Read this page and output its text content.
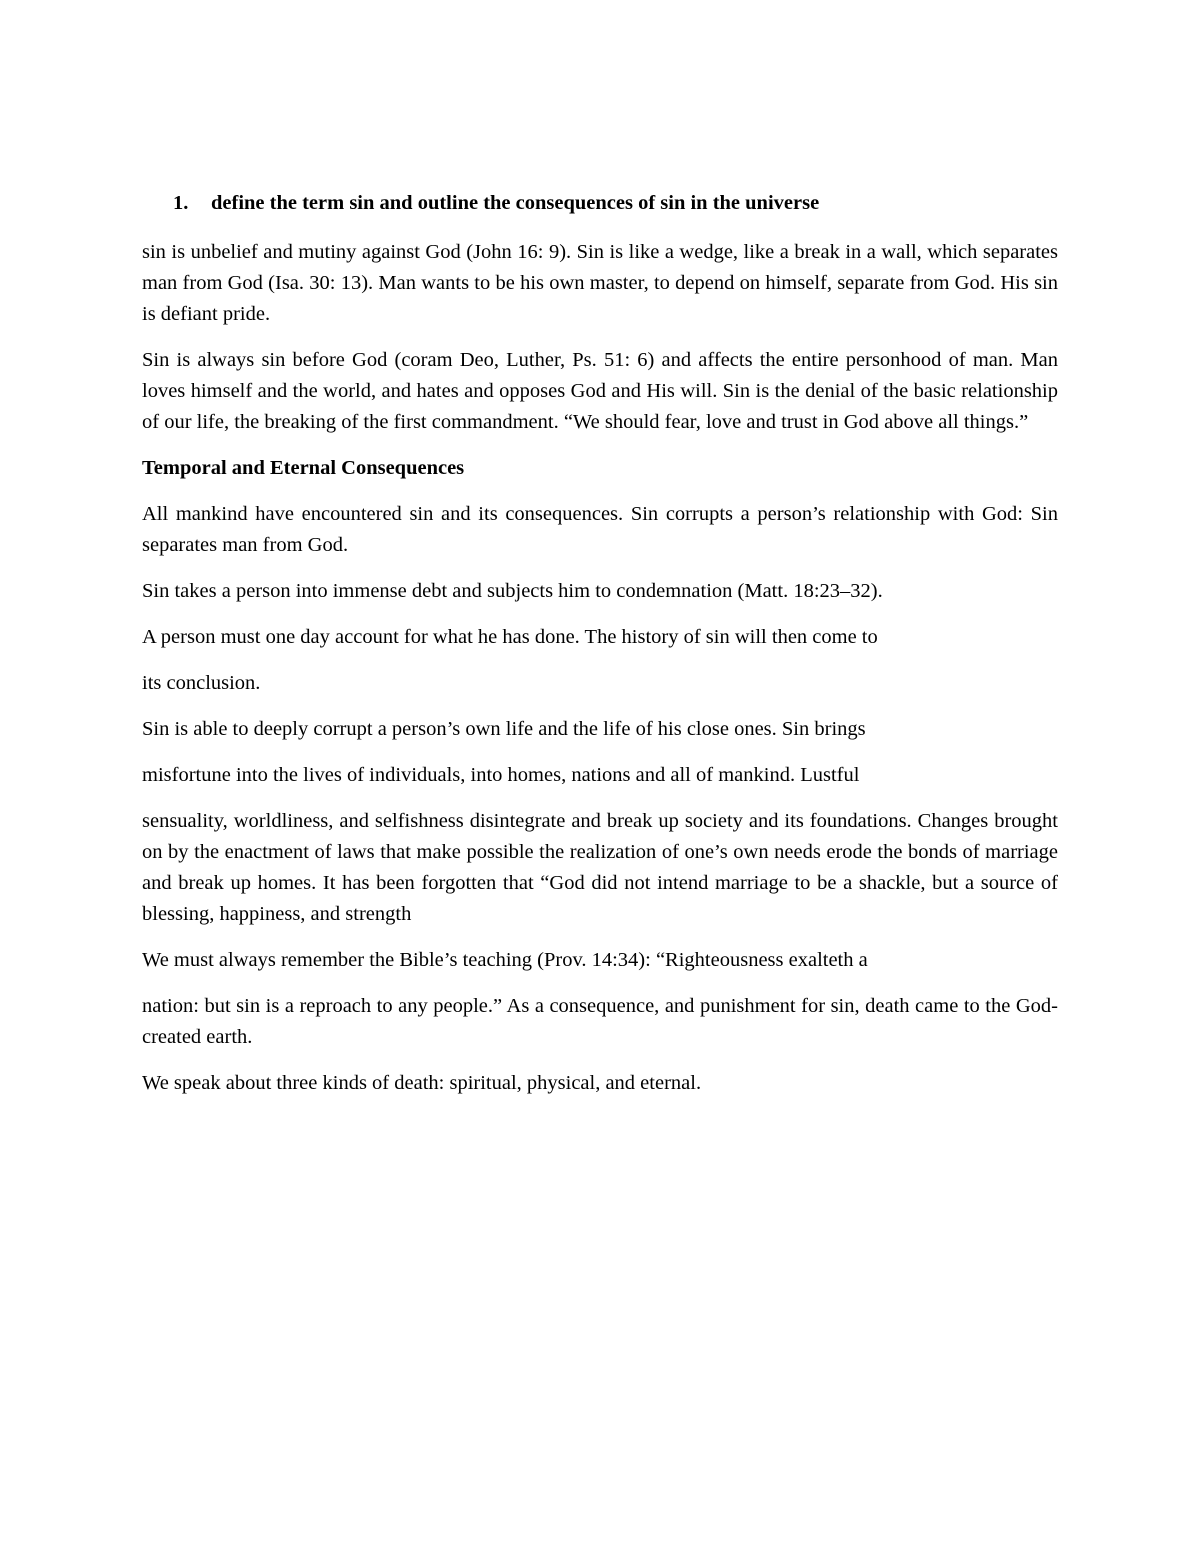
1.	define the term sin and outline the consequences of sin in the universe

sin is unbelief and mutiny against God (John 16: 9). Sin is like a wedge, like a break in a wall, which separates man from God (Isa. 30: 13). Man wants to be his own master, to depend on himself, separate from God. His sin is defiant pride.

Sin is always sin before God (coram Deo, Luther, Ps. 51: 6) and affects the entire personhood of man. Man loves himself and the world, and hates and opposes God and His will. Sin is the denial of the basic relationship of our life, the breaking of the first commandment. “We should fear, love and trust in God above all things.”

Temporal and Eternal Consequences

All mankind have encountered sin and its consequences. Sin corrupts a person’s relationship with God: Sin separates man from God.

Sin takes a person into immense debt and subjects him to condemnation (Matt. 18:23–32).

A person must one day account for what he has done. The history of sin will then come to

its conclusion.

Sin is able to deeply corrupt a person’s own life and the life of his close ones. Sin brings

misfortune into the lives of individuals, into homes, nations and all of mankind. Lustful

sensuality, worldliness, and selfishness disintegrate and break up society and its foundations. Changes brought on by the enactment of laws that make possible the realization of one’s own needs erode the bonds of marriage and break up homes. It has been forgotten that “God did not intend marriage to be a shackle, but a source of blessing, happiness, and strength

We must always remember the Bible’s teaching (Prov. 14:34): “Righteousness exalteth a

nation: but sin is a reproach to any people.” As a consequence, and punishment for sin, death came to the God-created earth.

We speak about three kinds of death: spiritual, physical, and eternal.
